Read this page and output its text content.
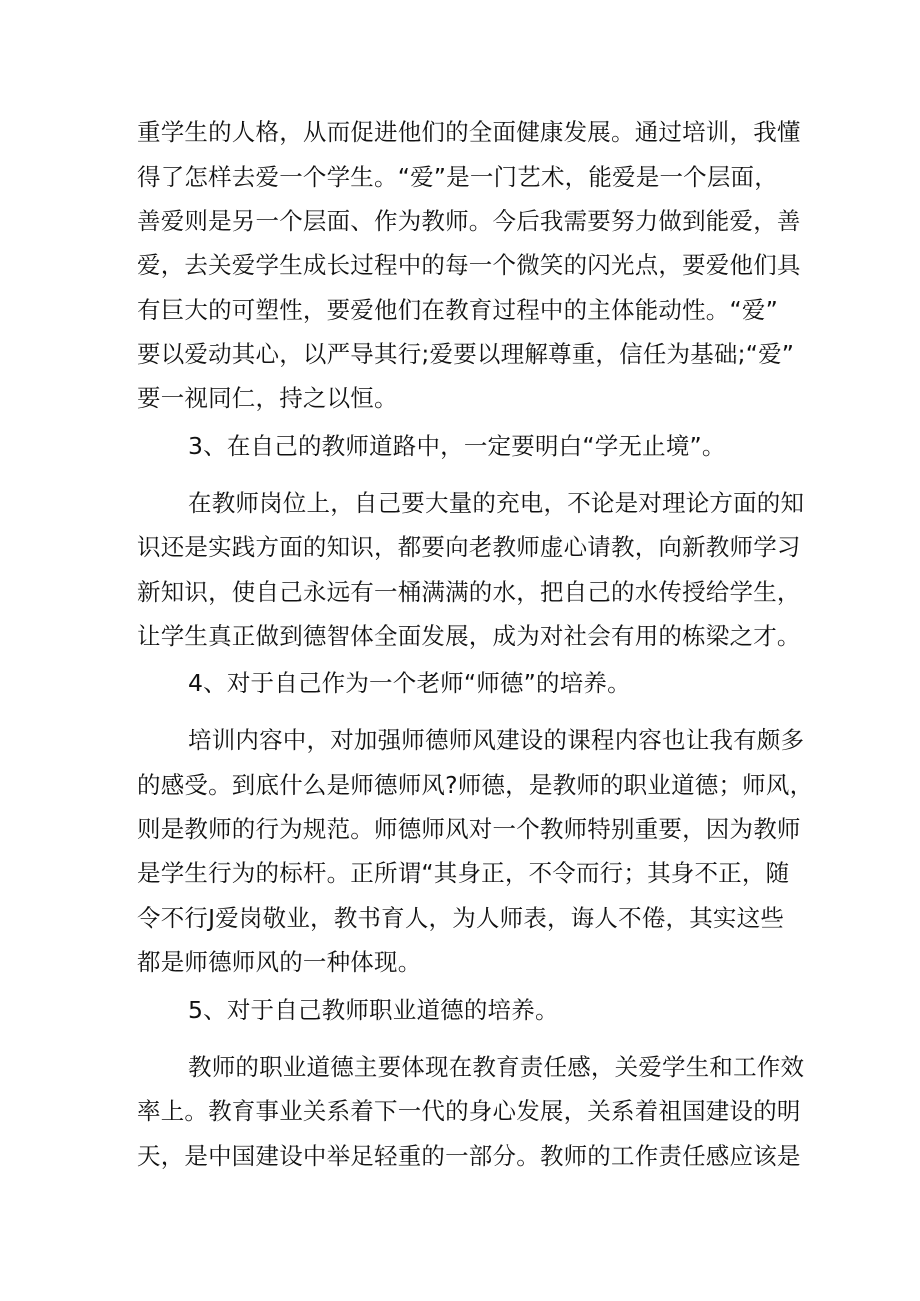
重学生的人格，从而促进他们的全面健康发展。通过培训，我懂
得了怎样去爱一个学生。“爱”是一门艺术，能爱是一个层面，
善爱则是另一个层面、作为教师。今后我需要努力做到能爱，善
爱，去关爱学生成长过程中的每一个微笑的闪光点，要爱他们具
有巨大的可塑性，要爱他们在教育过程中的主体能动性。“爱”
要以爱动其心，以严导其行;爱要以理解尊重，信任为基础;“爱”
要一视同仁，持之以恒。
3、在自己的教师道路中，一定要明白“学无止境”。
在教师岗位上，自己要大量的充电，不论是对理论方面的知
识还是实践方面的知识，都要向老教师虚心请教，向新教师学习
新知识，使自己永远有一桶满满的水，把自己的水传授给学生，
让学生真正做到德智体全面发展，成为对社会有用的栋梁之才。
4、对于自己作为一个老师“师德”的培养。
培训内容中，对加强师德师风建设的课程内容也让我有颇多
的感受。到底什么是师德师风?师德，是教师的职业道德；师风，
则是教师的行为规范。师德师风对一个教师特别重要，因为教师
是学生行为的标杆。正所谓“其身正，不令而行；其身不正，随
令不行J爱岗敬业，教书育人，为人师表，诲人不倦，其实这些
都是师德师风的一种体现。
5、对于自己教师职业道德的培养。
教师的职业道德主要体现在教育责任感，关爱学生和工作效
率上。教育事业关系着下一代的身心发展，关系着祖国建设的明
天，是中国建设中举足轻重的一部分。教师的工作责任感应该是
